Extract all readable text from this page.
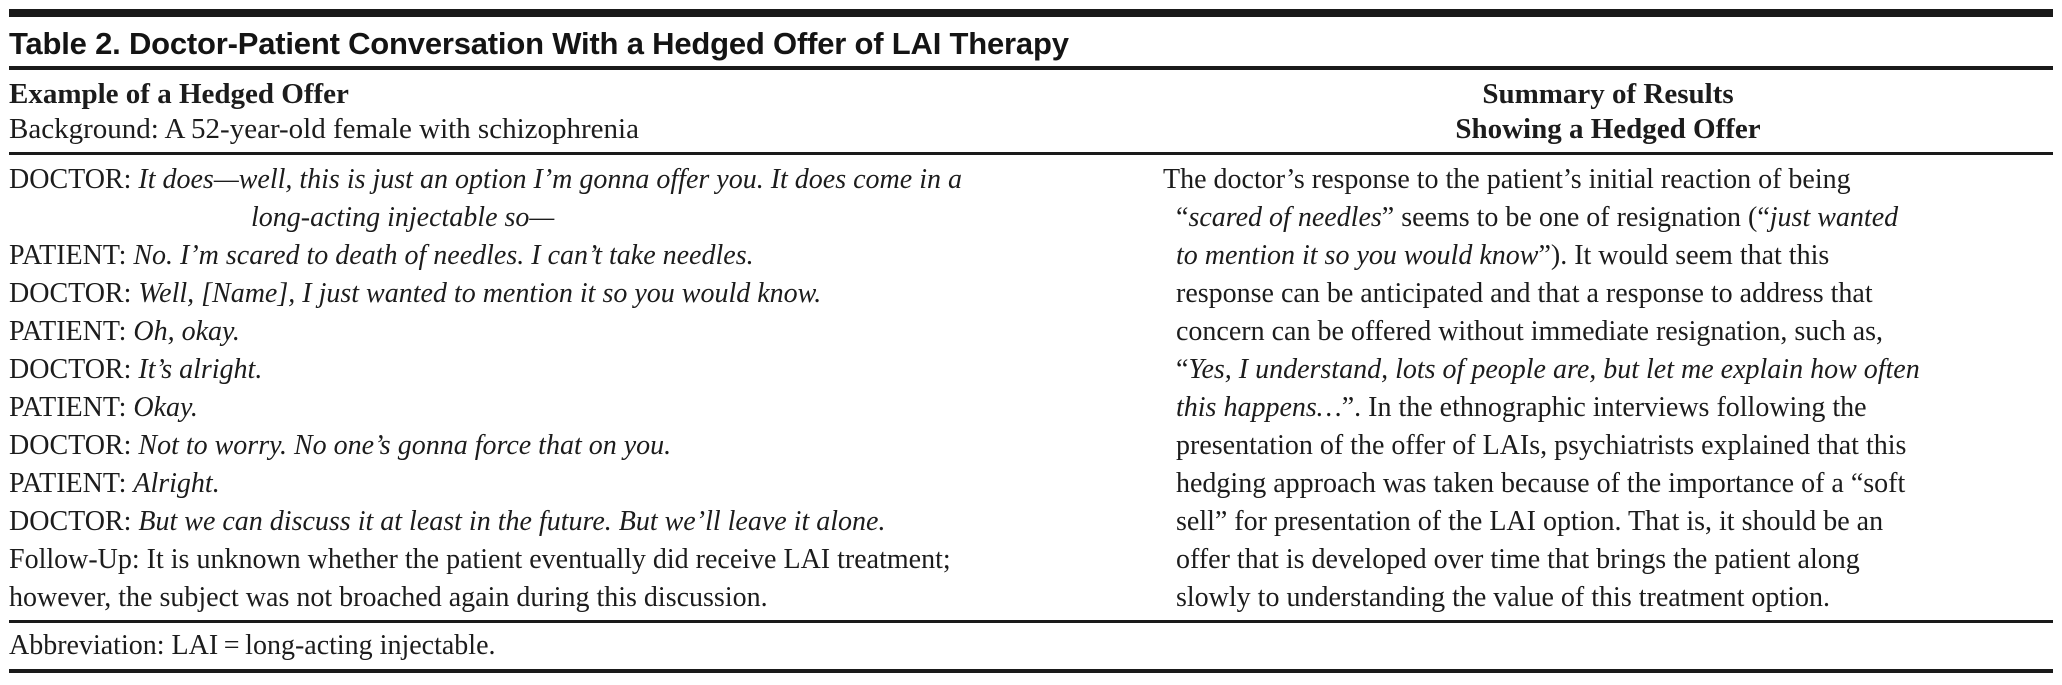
Table 2. Doctor-Patient Conversation With a Hedged Offer of LAI Therapy
Example of a Hedged Offer
Background: A 52-year-old female with schizophrenia
Summary of Results
Showing a Hedged Offer
DOCTOR: It does—well, this is just an option I’m gonna offer you. It does come in a
long-acting injectable so—
PATIENT: No. I’m scared to death of needles. I can’t take needles.
DOCTOR: Well, [Name], I just wanted to mention it so you would know.
PATIENT: Oh, okay.
DOCTOR: It’s alright.
PATIENT: Okay.
DOCTOR: Not to worry. No one’s gonna force that on you.
PATIENT: Alright.
DOCTOR: But we can discuss it at least in the future. But we’ll leave it alone.
Follow-Up: It is unknown whether the patient eventually did receive LAI treatment;
however, the subject was not broached again during this discussion.
The doctor’s response to the patient’s initial reaction of being
“scared of needles” seems to be one of resignation (“just wanted
to mention it so you would know”). It would seem that this
response can be anticipated and that a response to address that
concern can be offered without immediate resignation, such as,
“Yes, I understand, lots of people are, but let me explain how often
this happens…”. In the ethnographic interviews following the
presentation of the offer of LAIs, psychiatrists explained that this
hedging approach was taken because of the importance of a “soft
sell” for presentation of the LAI option. That is, it should be an
offer that is developed over time that brings the patient along
slowly to understanding the value of this treatment option.
Abbreviation: LAI = long-acting injectable.
